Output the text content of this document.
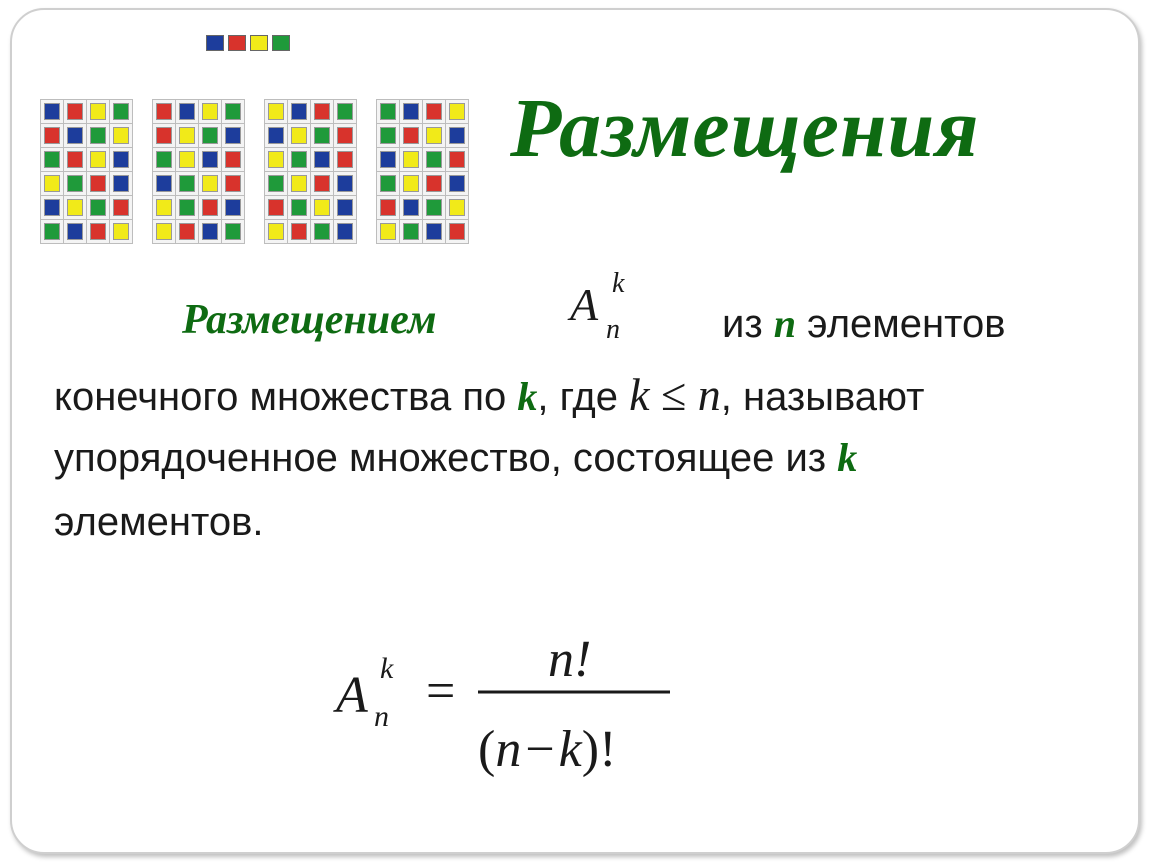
Размещения
Размещением	A k
n	из n элементов

конечного множества по k, где k ≤ n, называют

упорядоченное множество, состоящее из k

элементов.

A k
n =
n!
(n−k)!
